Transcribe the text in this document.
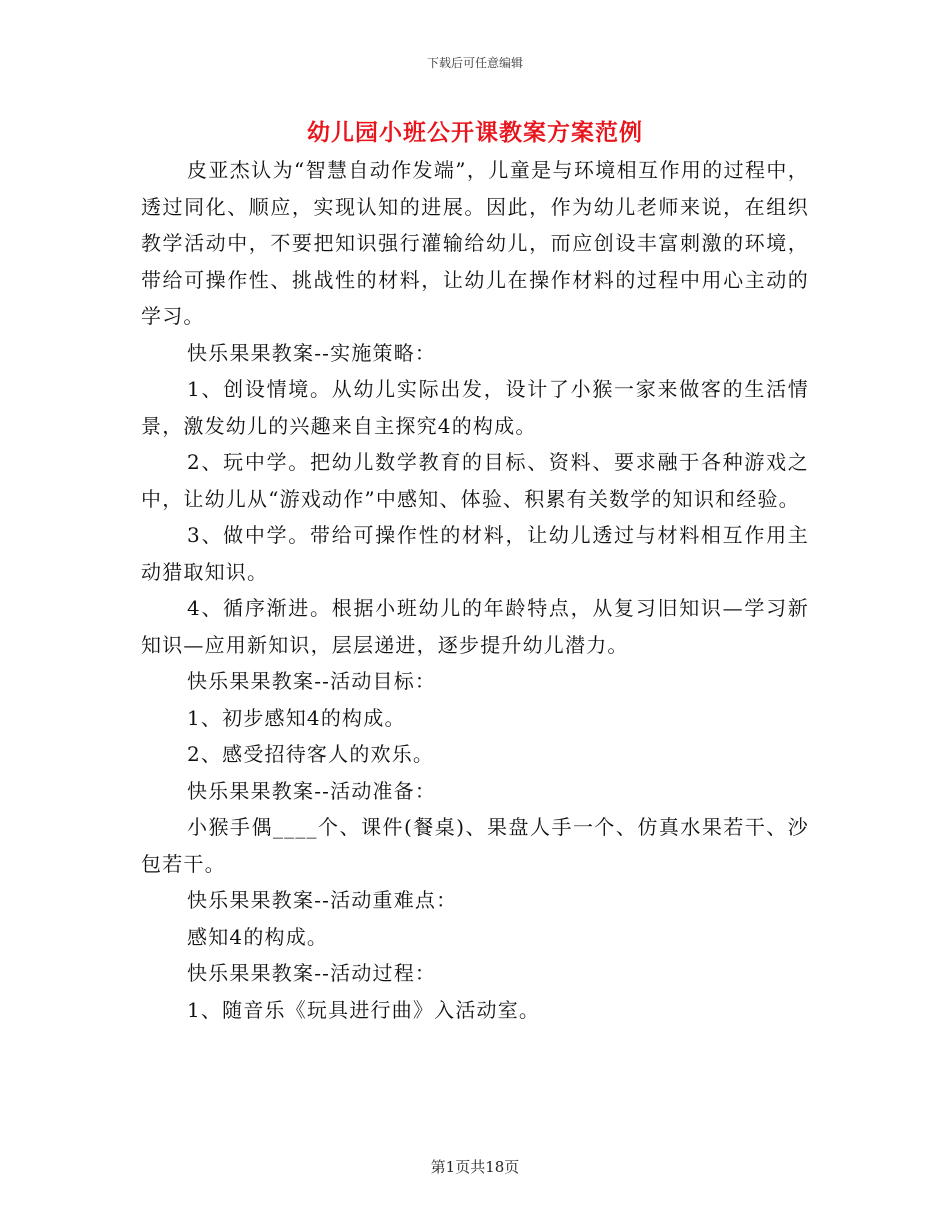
下载后可任意编辑
幼儿园小班公开课教案方案范例

皮亚杰认为“智慧自动作发端”，儿童是与环境相互作用的过程中，透过同化、顺应，实现认知的进展。因此，作为幼儿老师来说，在组织教学活动中，不要把知识强行灌输给幼儿，而应创设丰富刺激的环境，带给可操作性、挑战性的材料，让幼儿在操作材料的过程中用心主动的学习。

快乐果果教案--实施策略：

1、创设情境。从幼儿实际出发，设计了小猴一家来做客的生活情景，激发幼儿的兴趣来自主探究4的构成。

2、玩中学。把幼儿数学教育的目标、资料、要求融于各种游戏之中，让幼儿从“游戏动作”中感知、体验、积累有关数学的知识和经验。

3、做中学。带给可操作性的材料，让幼儿透过与材料相互作用主动猎取知识。

4、循序渐进。根据小班幼儿的年龄特点，从复习旧知识—学习新知识—应用新知识，层层递进，逐步提升幼儿潜力。

快乐果果教案--活动目标：

1、初步感知4的构成。

2、感受招待客人的欢乐。

快乐果果教案--活动准备：

小猴手偶____个、课件(餐桌)、果盘人手一个、仿真水果若干、沙包若干。

快乐果果教案--活动重难点：

感知4的构成。

快乐果果教案--活动过程：

1、随音乐《玩具进行曲》入活动室。

第1页共18页
